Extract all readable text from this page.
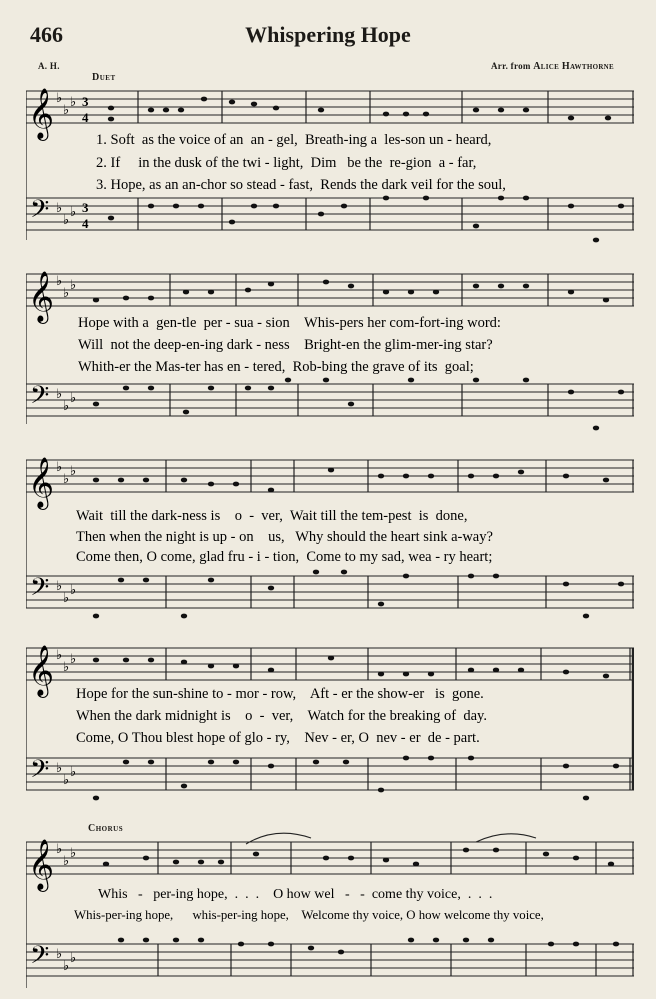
466	Whispering Hope
A. H.	Arr. from Alice Hawthorne
Duet
𝄞 ♭
♭
♭ 3
4
1. Soft  as the voice of an  an - gel,  Breath-ing a  les-son un - heard,
2. If     in the dusk of the twi - light,  Dim   be the  re-gion  a - far,
3. Hope, as an an-chor so stead - fast,  Rends the dark veil for the soul,
𝄢 ♭
♭
♭ 3
4
𝄞 ♭
♭
♭
Hope with a  gen-tle  per - sua - sion    Whis-pers her com-fort-ing word:
Will  not the deep-en-ing dark - ness    Bright-en the glim-mer-ing star?
Whith-er the Mas-ter has en - tered,  Rob-bing the grave of its  goal;
𝄢 ♭
♭
♭
𝄞 ♭
♭
♭
Wait  till the dark-ness is    o  -  ver,  Wait till the tem-pest  is  done,
Then when the night is up - on    us,   Why should the heart sink a-way?
Come then, O come, glad fru - i - tion,  Come to my sad, wea - ry heart;
𝄢 ♭
♭
♭
𝄞 ♭
♭
♭
Hope for the sun-shine to - mor - row,    Aft - er the show-er   is  gone.
When the dark midnight is    o  -  ver,    Watch for the breaking of  day.
Come, O Thou blest hope of glo - ry,    Nev - er, O  nev - er  de - part.
𝄢 ♭
♭
♭
Chorus
𝄞 ♭
♭
♭
Whis   -   per-ing hope,  .  .  .    O how wel   -   -  come thy voice,  .  .  .
Whis-per-ing hope,      whis-per-ing hope,    Welcome thy voice, O how welcome thy voice,
𝄢 ♭
♭
♭
